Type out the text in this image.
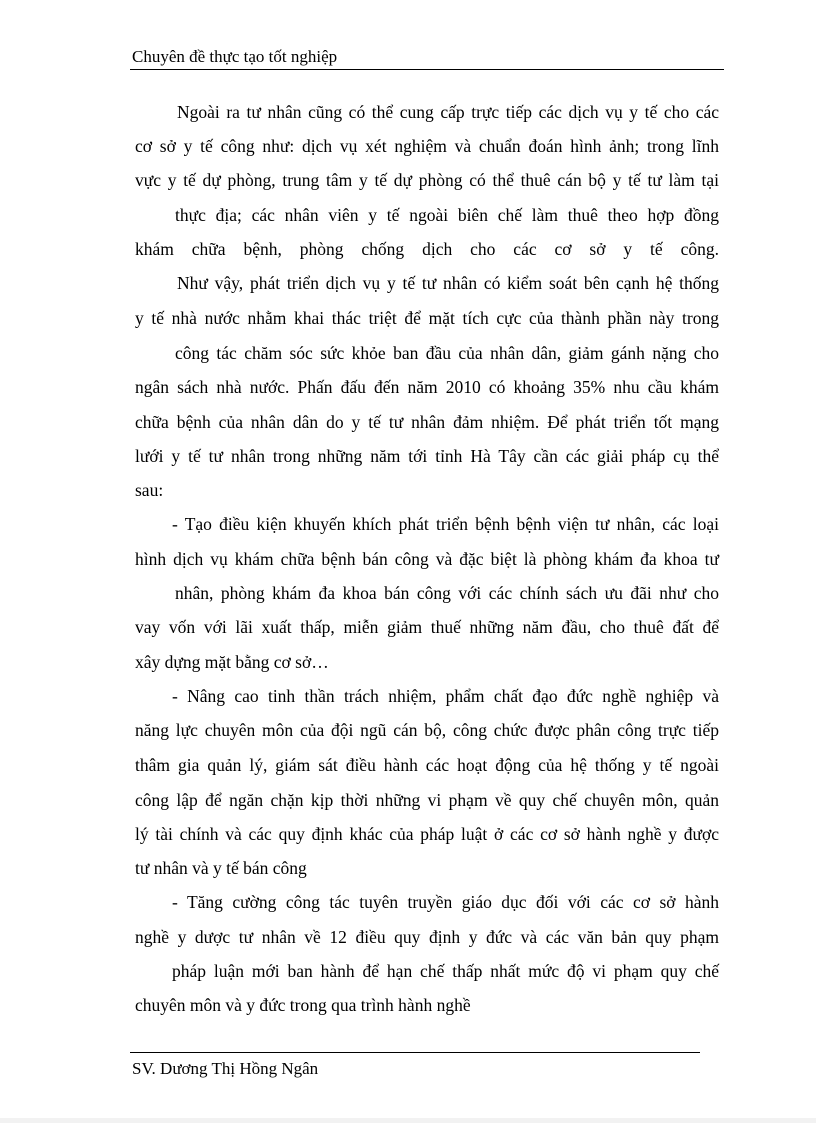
Chuyên đề thực tạo tốt nghiệp
Ngoài ra tư nhân cũng có thể cung cấp trực tiếp các dịch vụ y tế cho các
cơ sở y tế công như: dịch vụ xét nghiệm và chuẩn đoán hình ảnh; trong lĩnh
vực y tế dự phòng, trung tâm y tế dự phòng có thể thuê cán bộ y tế tư làm tại
thực địa; các nhân viên y tế ngoài biên chế làm thuê theo hợp đồng
khám chữa bệnh, phòng chống dịch cho các cơ sở y tế công.
Như vậy, phát triển dịch vụ y tế tư nhân có kiểm soát bên cạnh hệ thống
y tế nhà nước nhằm khai thác triệt để mặt tích cực của thành phần này trong
công tác chăm sóc sức khỏe ban đầu của nhân dân, giảm gánh nặng cho
ngân sách nhà nước. Phấn đấu đến năm 2010 có khoảng 35% nhu cầu khám
chữa bệnh của nhân dân do y tế tư nhân đảm nhiệm. Để phát triển tốt mạng
lưới y tế tư nhân trong những năm tới tỉnh Hà Tây cần các giải pháp cụ thể
sau:
- Tạo điều kiện khuyến khích phát triển bệnh bệnh viện tư nhân, các loại
hình dịch vụ khám chữa bệnh bán công và đặc biệt là phòng khám đa khoa tư
nhân, phòng khám đa khoa bán công với các chính sách ưu đãi như cho
vay vốn với lãi xuất thấp, miễn giảm thuế những năm đầu, cho thuê đất để
xây dựng mặt bằng cơ sở…
- Nâng cao tinh thần trách nhiệm, phẩm chất đạo đức nghề nghiệp và
năng lực chuyên môn của đội ngũ cán bộ, công chức được phân công trực tiếp
thâm gia quản lý, giám sát điều hành các hoạt động của hệ thống y tế ngoài
công lập để ngăn chặn kịp thời những vi phạm về quy chế chuyên môn, quản
lý tài chính và các quy định khác của pháp luật ở các cơ sở hành nghề y được
tư nhân và y tế bán công
- Tăng cường công tác tuyên truyền giáo dục đối với các cơ sở hành
nghề y dược tư nhân về 12 điều quy định y đức và các văn bản quy phạm
pháp luận mới ban hành để hạn chế thấp nhất mức độ vi phạm quy chế
chuyên môn và y đức trong qua trình hành nghề
SV. Dương Thị Hồng Ngân
